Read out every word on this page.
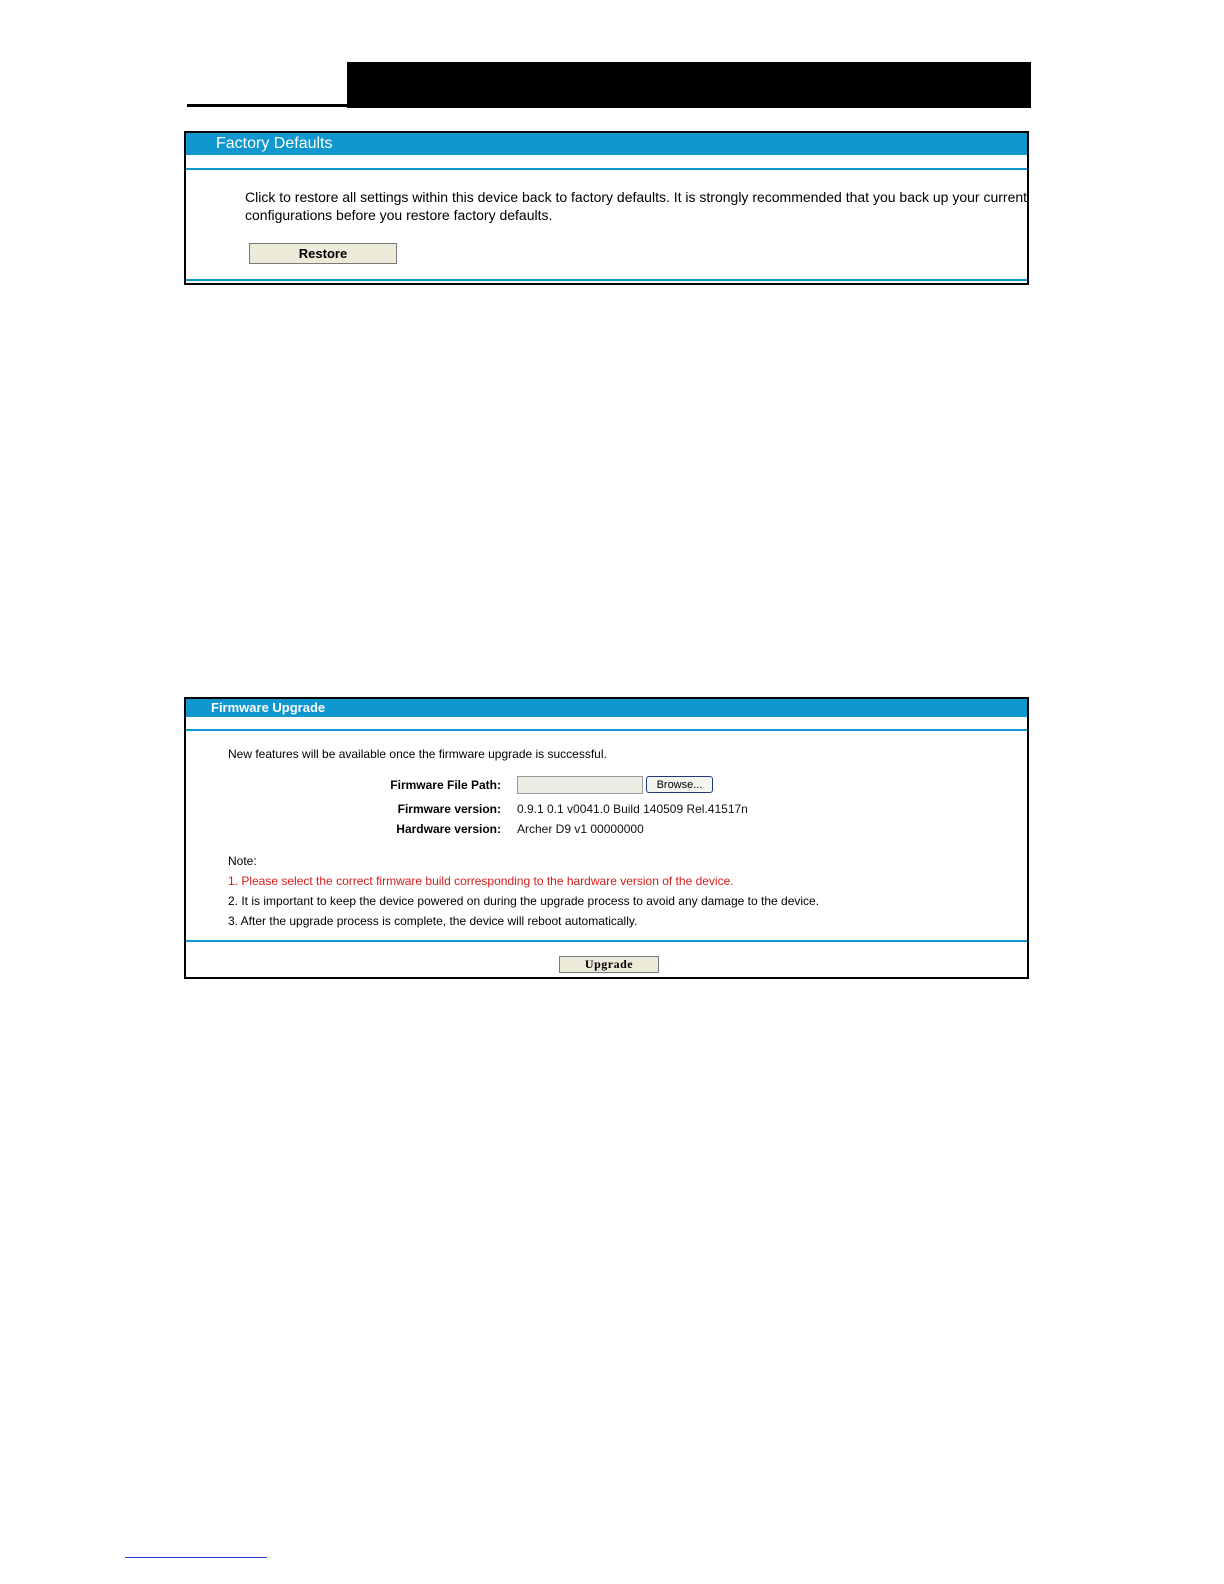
Factory Defaults
Click to restore all settings within this device back to factory defaults. It is strongly recommended that you back up your current
configurations before you restore factory defaults.
Restore
Firmware Upgrade
New features will be available once the firmware upgrade is successful.
Firmware File Path:	Browse...
Firmware version: 0.9.1 0.1 v0041.0 Build 140509 Rel.41517n
Hardware version: Archer D9 v1 00000000
Note:
1. Please select the correct firmware build corresponding to the hardware version of the device.
2. It is important to keep the device powered on during the upgrade process to avoid any damage to the device.
3. After the upgrade process is complete, the device will reboot automatically.
Upgrade
